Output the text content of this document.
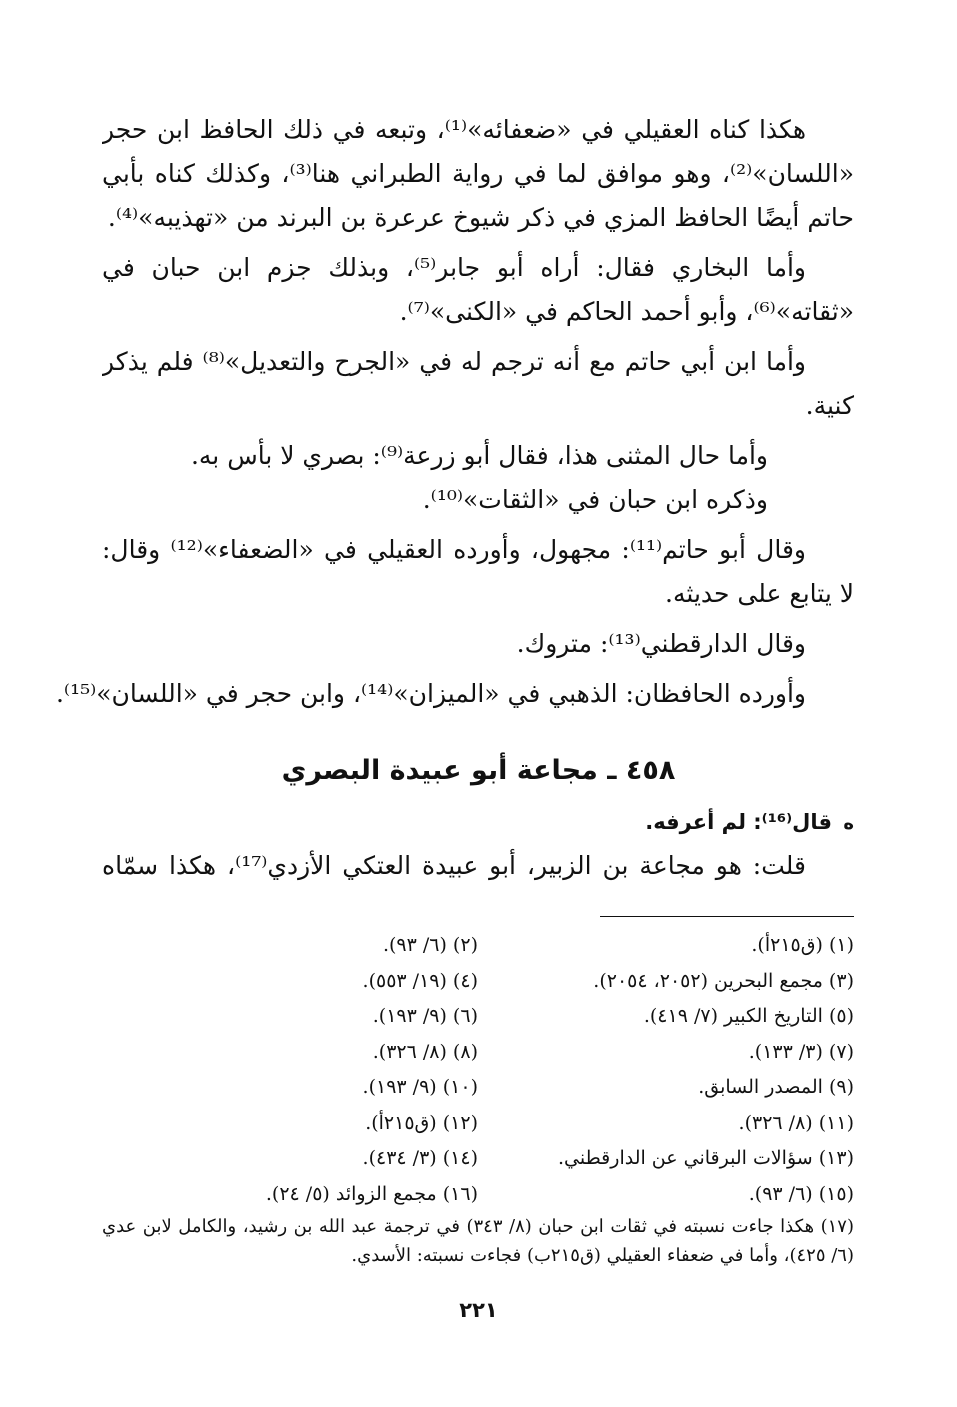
هكذا كناه العقيلي في «ضعفائه»⁽¹⁾، وتبعه في ذلك الحافظ ابن حجر
«اللسان»⁽²⁾، وهو موافق لما في رواية الطبراني هنا⁽³⁾، وكذلك كناه بأبي
حاتم أيضًا الحافظ المزي في ذكر شيوخ عرعرة بن البرند من «تهذيبه»⁽⁴⁾.
وأما البخاري فقال: أراه أبو جابر⁽⁵⁾، وبذلك جزم ابن حبان في
«ثقاته»⁽⁶⁾، وأبو أحمد الحاكم في «الكنى»⁽⁷⁾.
وأما ابن أبي حاتم مع أنه ترجم له في «الجرح والتعديل»⁽⁸⁾ فلم يذكر
كنية.
وأما حال المثنى هذا، فقال أبو زرعة⁽⁹⁾: بصري لا بأس به.
وذكره ابن حبان في «الثقات»⁽¹⁰⁾.
وقال أبو حاتم⁽¹¹⁾: مجهول، وأورده العقيلي في «الضعفاء»⁽¹²⁾ وقال:
لا يتابع على حديثه.
وقال الدارقطني⁽¹³⁾: متروك.
وأورده الحافظان: الذهبي في «الميزان»⁽¹⁴⁾، وابن حجر في «اللسان»⁽¹⁵⁾.
٤٥٨ ـ مجاعة أبو عبيدة البصري
ه قال⁽¹⁶⁾: لم أعرفه.
قلت: هو مجاعة بن الزبير، أبو عبيدة العتكي الأزدي⁽¹⁷⁾، هكذا سمّاه
(١) (ق٢١٥أ).
(٢) (٦/ ٩٣).
(٣) مجمع البحرين (٢٠٥٢، ٢٠٥٤).
(٤) (١٩/ ٥٥٣).
(٥) التاريخ الكبير (٧/ ٤١٩).
(٦) (٩/ ١٩٣).
(٧) (٣/ ١٣٣).
(٨) (٨/ ٣٢٦).
(٩) المصدر السابق.
(١٠) (٩/ ١٩٣).
(١١) (٨/ ٣٢٦).
(١٢) (ق٢١٥أ).
(١٣) سؤالات البرقاني عن الدارقطني.
(١٤) (٣/ ٤٣٤).
(١٥) (٦/ ٩٣).
(١٦) مجمع الزوائد (٥/ ٢٤).
(١٧) هكذا جاءت نسبته في ثقات ابن حبان (٨/ ٣٤٣) في ترجمة عبد الله بن رشيد، والكامل لابن عدي (٦/ ٤٢٥)، وأما في ضعفاء العقيلي (ق٢١٥ب) فجاءت نسبته: الأسدي.
٢٢١
